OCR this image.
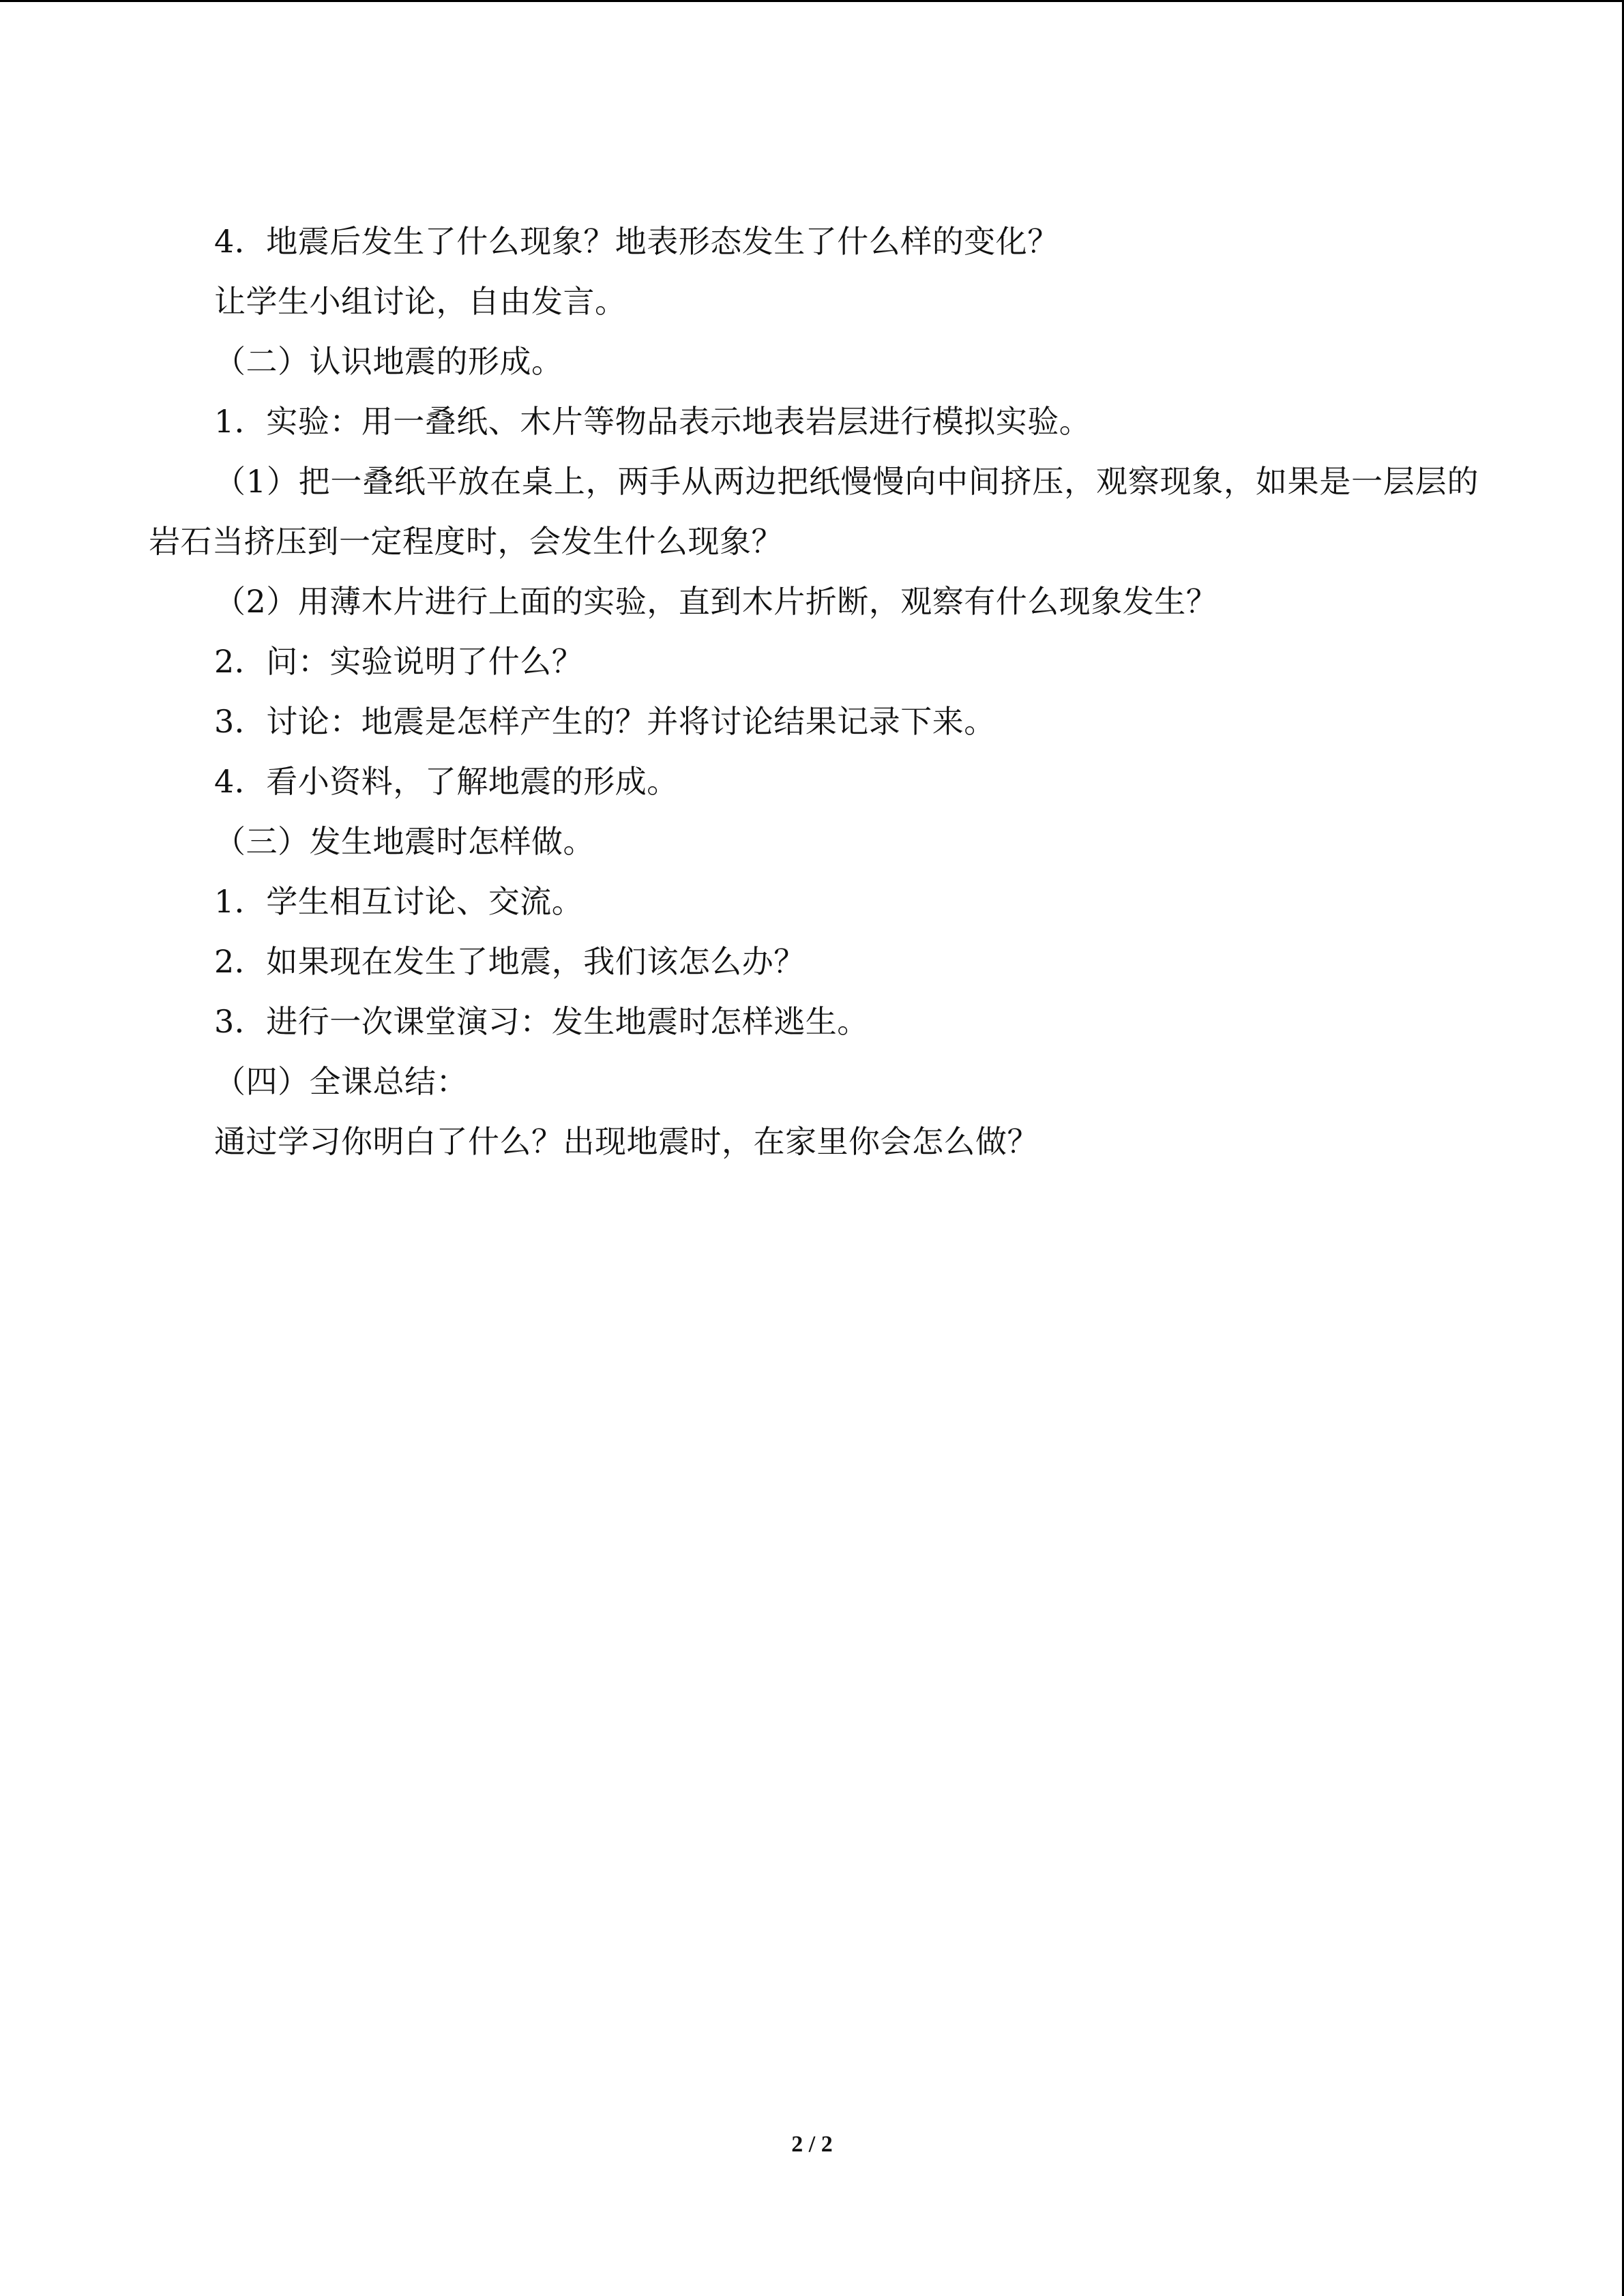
4．地震后发生了什么现象？地表形态发生了什么样的变化？

让学生小组讨论，自由发言。

（二）认识地震的形成。

1．实验：用一叠纸、木片等物品表示地表岩层进行模拟实验。

（1）把一叠纸平放在桌上，两手从两边把纸慢慢向中间挤压，观察现象，如果是一层层的岩石当挤压到一定程度时，会发生什么现象？

（2）用薄木片进行上面的实验，直到木片折断，观察有什么现象发生？

2．问：实验说明了什么？

3．讨论：地震是怎样产生的？并将讨论结果记录下来。

4．看小资料，了解地震的形成。

（三）发生地震时怎样做。

1．学生相互讨论、交流。

2．如果现在发生了地震，我们该怎么办？

3．进行一次课堂演习：发生地震时怎样逃生。

（四）全课总结：

通过学习你明白了什么？出现地震时，在家里你会怎么做？

2 / 2
